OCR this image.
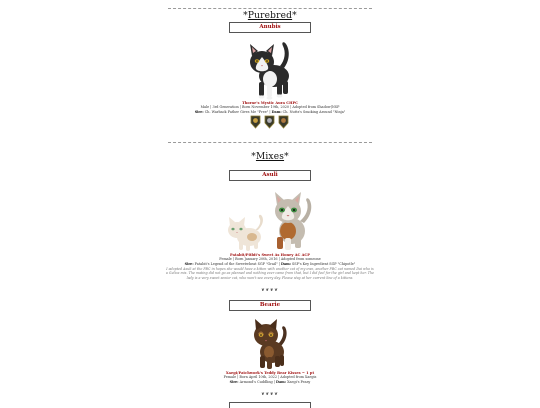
*Purebred*
Anubis
Thorne's Mystic Aura CHPC
Male | 3rd Generation | Born November 19th, 2020 | Adopted from Shadow|NSP
Sire: Ch. Warback Father Gives Me "Free" | Dam: Ch. Nuttz's Smoking Around "Ninja"
*Mixes*
Asuli
Patabit/Pitbit's Sweet As Honey AC ACP
Female | Born January 20th, 2016 | Adopted from someone
Sire: Patabit's Legend of the Sweetwheat SGP "Grail" | Dam: SSP's Key Ingredient SGP "Chipotle"
I adopted Asuli at the PBC in hopes she would have a kitten with another cat of my own, another PBC cat named Dai who is a Gelica mix. The mating did not go as planned and nothing ever came from that, but I did feel for the girl and kept her. The lady is a very sweet senior cat, who won't see every day. Please stay at her current line of a kittens.
❦❦❦❦
Bearie
Xaegi/Patchwork's Teddy Bear Kisses ~ 1 pt
Female | Born April 10th, 2022 | Adopted from Xaegis
Sire: Armond's Cuddling | Dam: Xaegi's Peasy
❦❦❦❦
